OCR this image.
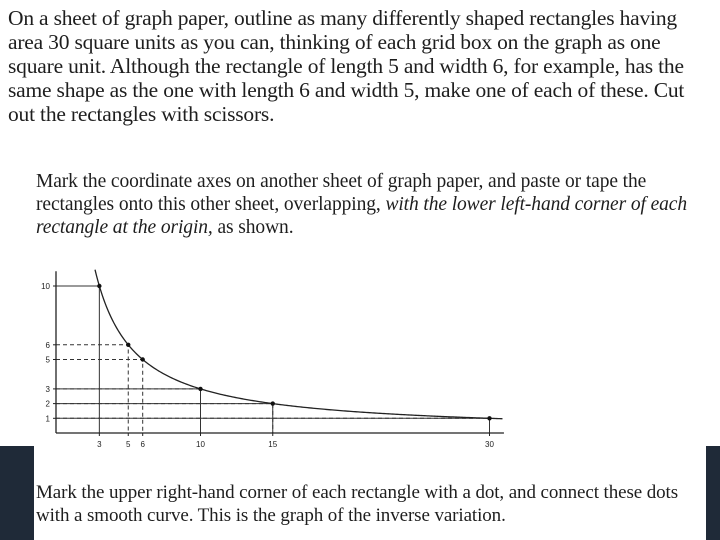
On a sheet of graph paper, outline as many differently shaped rectangles having area 30 square units as you can, thinking of each grid box on the graph as one square unit. Although the rectangle of length 5 and width 6, for example, has the same shape as the one with length 6 and width 5, make one of each of these. Cut out the rectangles with scissors.

Mark the coordinate axes on another sheet of graph paper, and paste or tape the rectangles onto this other sheet, overlapping, with the lower left-hand corner of each rectangle at the origin, as shown.

3	5 6	10	15	30
1
2
3
5
6
10

Mark the upper right-hand corner of each rectangle with a dot, and connect these dots with a smooth curve. This is the graph of the inverse variation.
